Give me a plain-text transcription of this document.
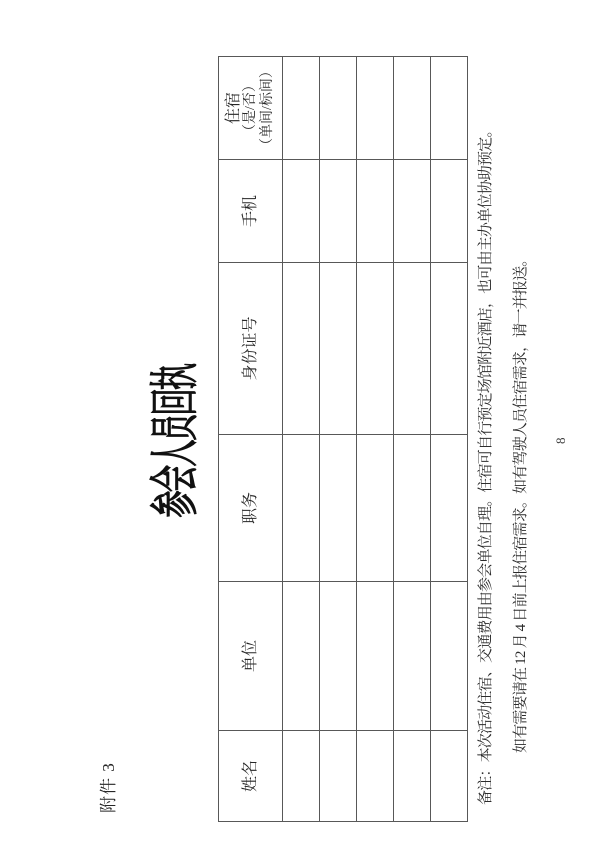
附件 3
参会人员回执
姓名	单位	职务	身份证号	手机	住宿 （是/否） （单间/标间）

备注：本次活动住宿、交通费用由参会单位自理。住宿可自行预定场馆附近酒店，也可由主办单位协助预定。 如有需要请在 12 月 4 日前上报住宿需求。如有驾驶人员住宿需求，请一并报送。 8
